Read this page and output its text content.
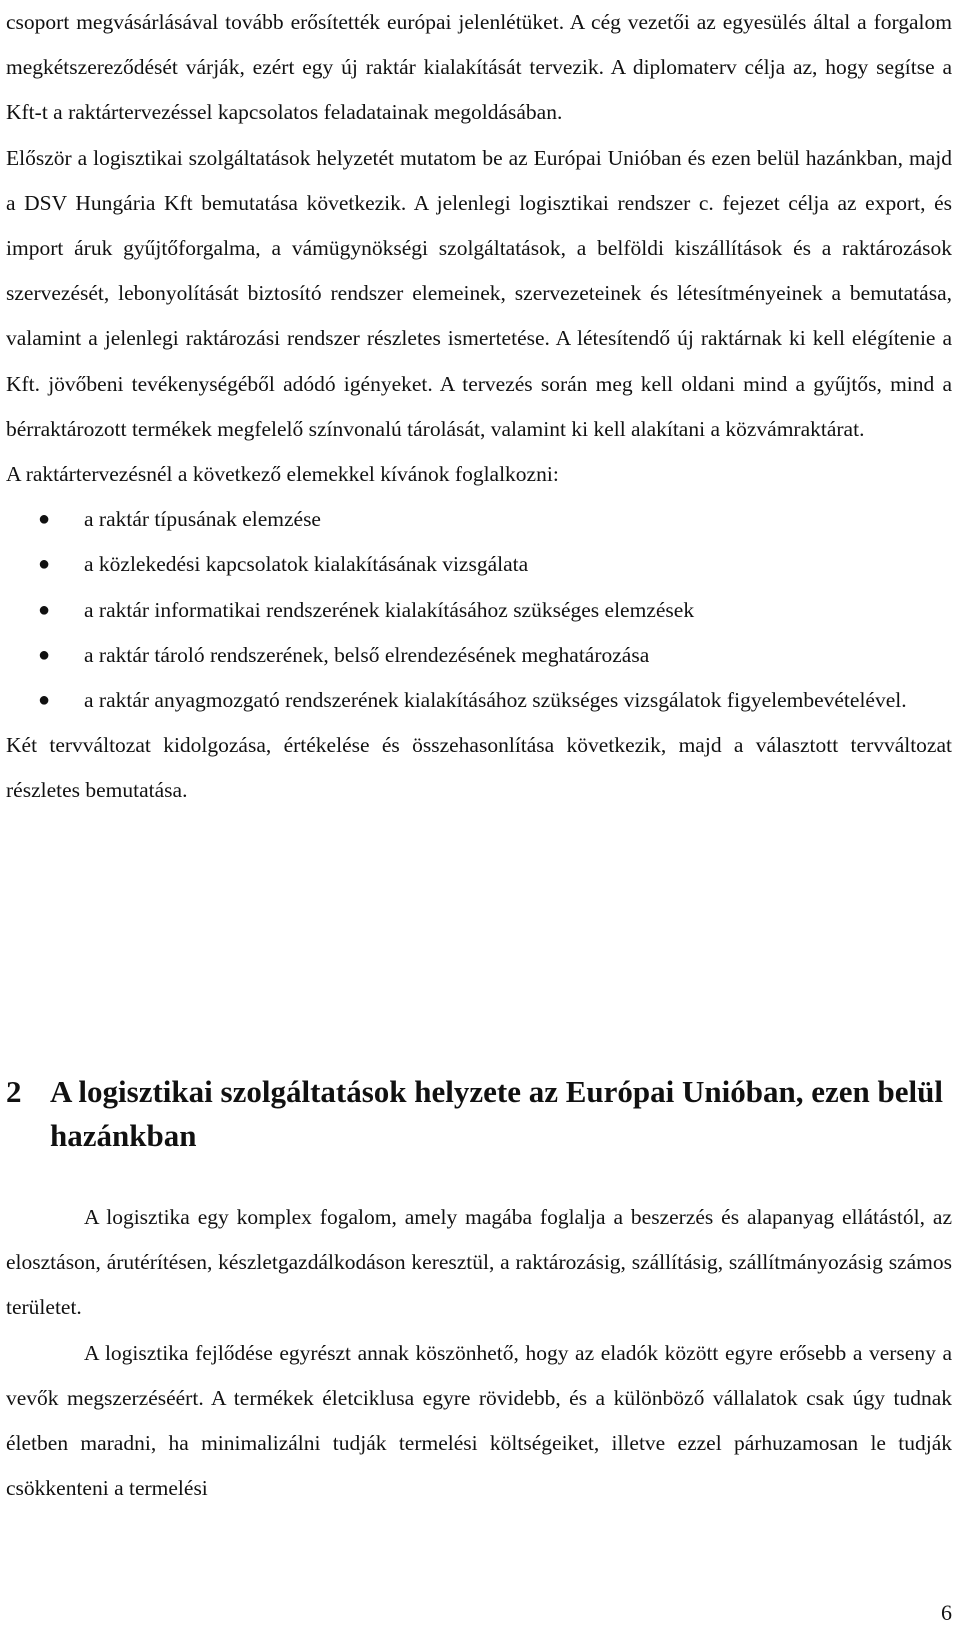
csoport megvásárlásával tovább erősítették európai jelenlétüket. A cég vezetői az egyesülés által a forgalom megkétszereződését várják, ezért egy új raktár kialakítását tervezik. A diplomaterv célja az, hogy segítse a Kft-t a raktártervezéssel kapcsolatos feladatainak megoldásában.

Először a logisztikai szolgáltatások helyzetét mutatom be az Európai Unióban és ezen belül hazánkban, majd a DSV Hungária Kft bemutatása következik. A jelenlegi logisztikai rendszer c. fejezet célja az export, és import áruk gyűjtőforgalma, a vámügynökségi szolgáltatások, a belföldi kiszállítások és a raktározások szervezését, lebonyolítását biztosító rendszer elemeinek, szervezeteinek és létesítményeinek a bemutatása, valamint a jelenlegi raktározási rendszer részletes ismertetése. A létesítendő új raktárnak ki kell elégítenie a Kft. jövőbeni tevékenységéből adódó igényeket. A tervezés során meg kell oldani mind a gyűjtős, mind a bérraktározott termékek megfelelő színvonalú tárolását, valamint ki kell alakítani a közvámraktárat.

A raktártervezésnél a következő elemekkel kívánok foglalkozni:

● a raktár típusának elemzése
● a közlekedési kapcsolatok kialakításának vizsgálata
● a raktár informatikai rendszerének kialakításához szükséges elemzések
● a raktár tároló rendszerének, belső elrendezésének meghatározása
● a raktár anyagmozgató rendszerének kialakításához szükséges vizsgálatok figyelembevételével.

Két tervváltozat kidolgozása, értékelése és összehasonlítása következik, majd a választott tervváltozat részletes bemutatása.

2 A logisztikai szolgáltatások helyzete az Európai Unióban, ezen belül hazánkban

A logisztika egy komplex fogalom, amely magába foglalja a beszerzés és alapanyag ellátástól, az elosztáson, árutérítésen, készletgazdálkodáson keresztül, a raktározásig, szállításig, szállítmányozásig számos területet.

A logisztika fejlődése egyrészt annak köszönhető, hogy az eladók között egyre erősebb a verseny a vevők megszerzéséért. A termékek életciklusa egyre rövidebb, és a különböző vállalatok csak úgy tudnak életben maradni, ha minimalizálni tudják termelési költségeiket, illetve ezzel párhuzamosan le tudják csökkenteni a termelési

6
